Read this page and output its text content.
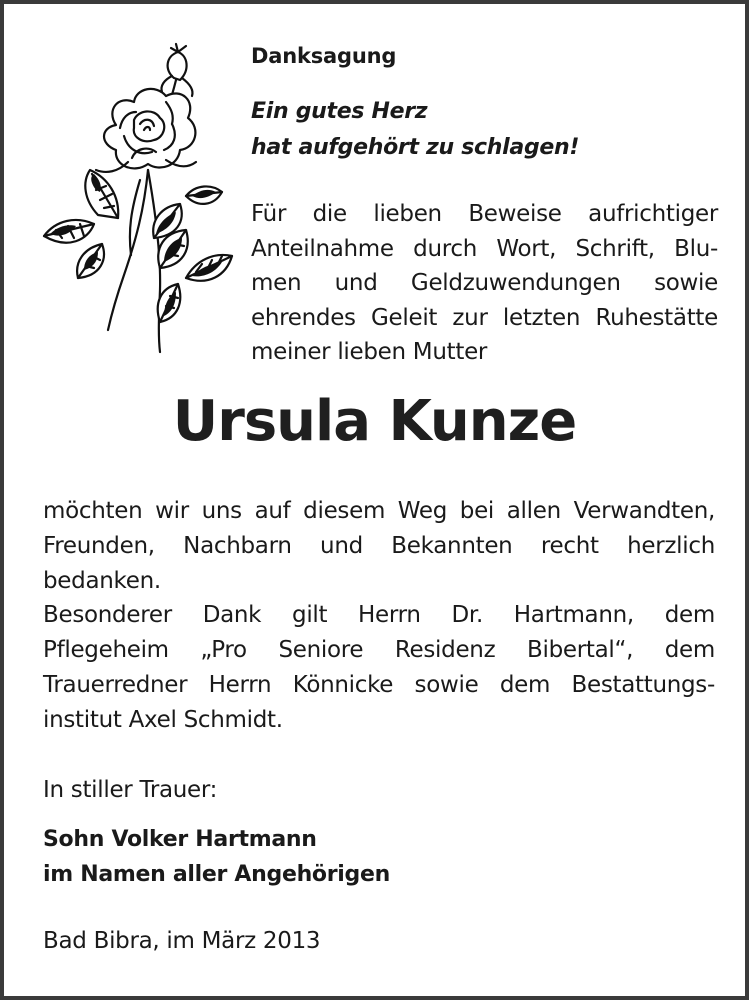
Danksagung
Ein gutes Herz
hat aufgehört zu schlagen!
Für die lieben Beweise aufrichtiger
Anteilnahme durch Wort, Schrift, Blu-
men und Geldzuwendungen sowie
ehrendes Geleit zur letzten Ruhestätte
meiner lieben Mutter
Ursula Kunze
möchten wir uns auf diesem Weg bei allen Verwandten,
Freunden, Nachbarn und Bekannten recht herzlich
bedanken.
Besonderer Dank gilt Herrn Dr. Hartmann, dem
Pflegeheim „Pro Seniore Residenz Bibertal“, dem
Trauerredner Herrn Könnicke sowie dem Bestattungs-
institut Axel Schmidt.
In stiller Trauer:
Sohn Volker Hartmann
im Namen aller Angehörigen
Bad Bibra, im März 2013
